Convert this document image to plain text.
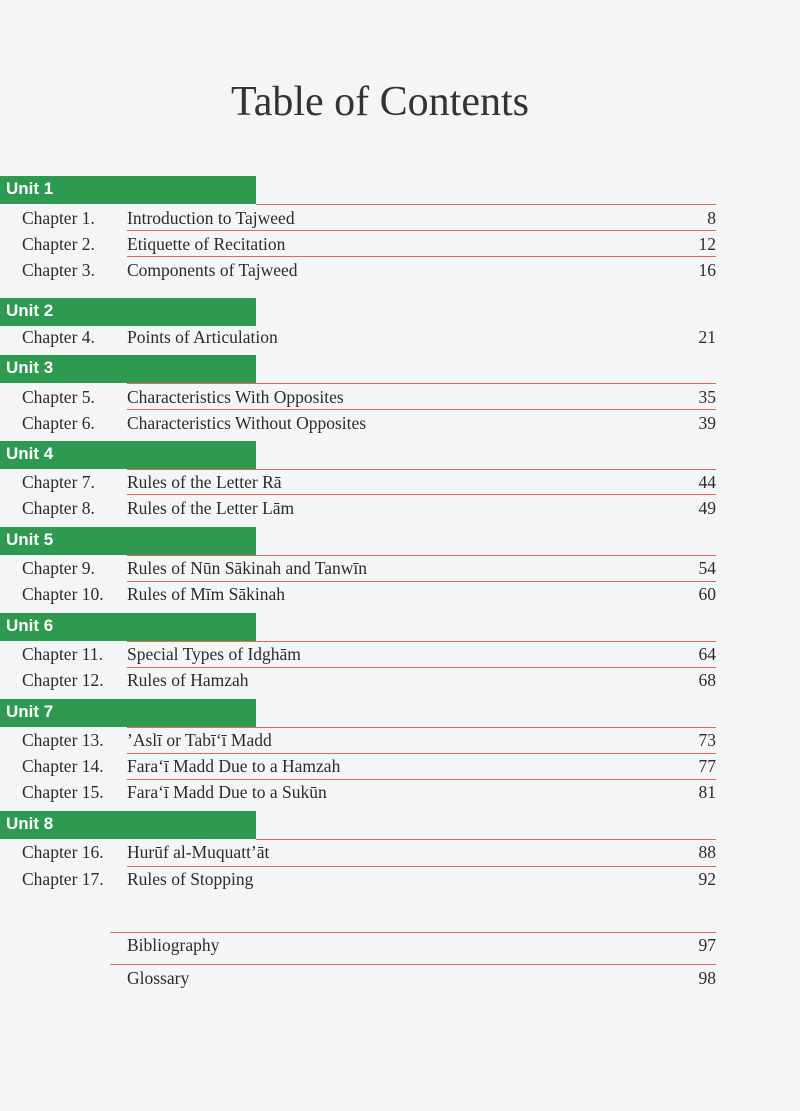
Table of Contents
Unit 1
Chapter 1. Introduction to Tajweed	8
Chapter 2. Etiquette of Recitation	12
Chapter 3. Components of Tajweed	16
Unit 2
Chapter 4. Points of Articulation	21
Unit 3
Chapter 5. Characteristics With Opposites	35
Chapter 6. Characteristics Without Opposites	39
Unit 4
Chapter 7. Rules of the Letter Rā	44
Chapter 8. Rules of the Letter Lām	49
Unit 5
Chapter 9. Rules of Nūn Sākinah and Tanwīn	54
Chapter 10. Rules of Mīm Sākinah	60
Unit 6
Chapter 11. Special Types of Idghām	64
Chapter 12. Rules of Hamzah	68
Unit 7
Chapter 13. ʼAslī or Tabīʻī Madd	73
Chapter 14. Faraʻī Madd Due to a Hamzah	77
Chapter 15. Faraʻī Madd Due to a Sukūn	81
Unit 8
Chapter 16. Hurūf al-Muquattʼāt	88
Chapter 17. Rules of Stopping	92
Bibliography	97
Glossary	98
